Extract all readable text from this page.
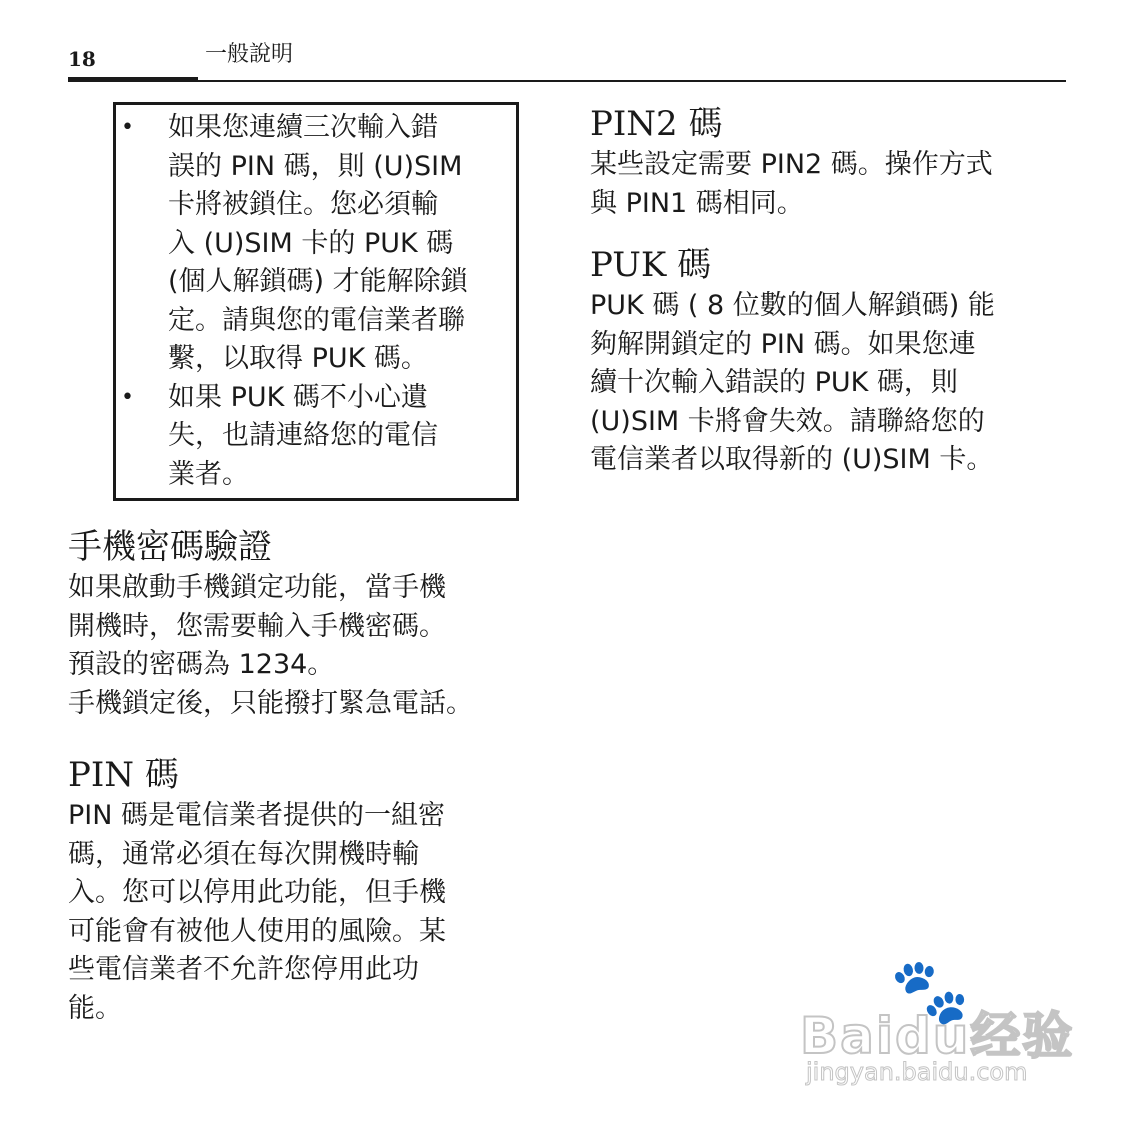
18	一般說明
• 如果您連續三次輸入錯
誤的 PIN 碼，則 (U)SIM
卡將被鎖住。您必須輸
入 (U)SIM 卡的 PUK 碼
(個人解鎖碼) 才能解除鎖
定。請與您的電信業者聯
繫，以取得 PUK 碼。
• 如果 PUK 碼不小心遺
失，也請連絡您的電信
業者。
手機密碼驗證

如果啟動手機鎖定功能，當手機
開機時，您需要輸入手機密碼。
預設的密碼為 1234。
手機鎖定後，只能撥打緊急電話。

PIN 碼

PIN 碼是電信業者提供的一組密
碼，通常必須在每次開機時輸
入。您可以停用此功能，但手機
可能會有被他人使用的風險。某
些電信業者不允許您停用此功
能。

PIN2 碼

某些設定需要 PIN2 碼。操作方式
與 PIN1 碼相同。

PUK 碼

PUK 碼 ( 8 位數的個人解鎖碼) 能
夠解開鎖定的 PIN 碼。如果您連
續十次輸入錯誤的 PUK 碼，則
(U)SIM 卡將會失效。請聯絡您的
電信業者以取得新的 (U)SIM 卡。

🐾
Baidu经验
jingyan.baidu.com
